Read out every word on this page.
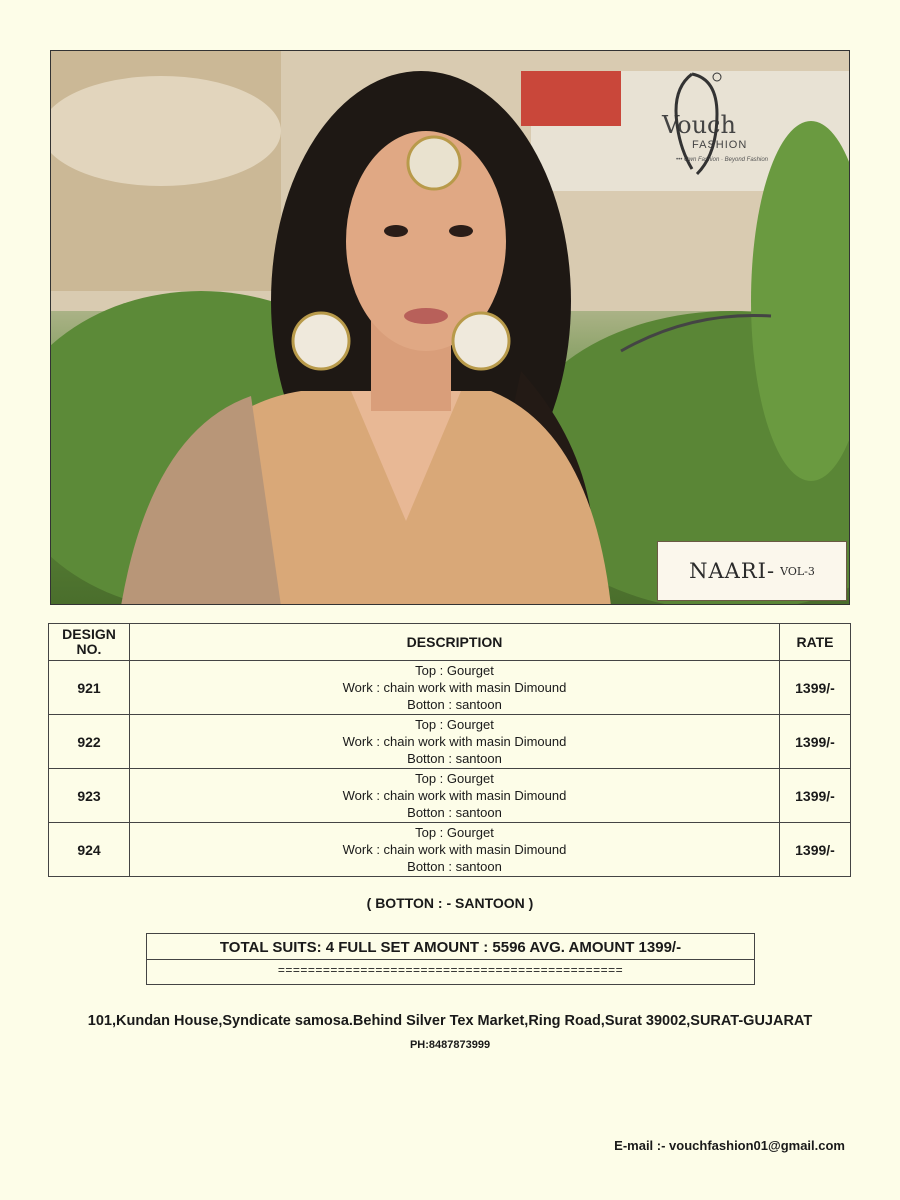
Vouch
FASHION
••• Own Fashion · Beyond Fashion
NAARI- VOL-3
DESIGN NO.	DESCRIPTION	RATE
921	Top : Gourget
Work : chain work with masin Dimound
Botton : santoon	1399/-
922	Top : Gourget
Work : chain work with masin Dimound
Botton : santoon	1399/-
923	Top : Gourget
Work : chain work with masin Dimound
Botton : santoon	1399/-
924	Top : Gourget
Work : chain work with masin Dimound
Botton : santoon	1399/-
( BOTTON : - SANTOON )
TOTAL SUITS: 4 FULL SET AMOUNT : 5596 AVG. AMOUNT 1399/-
==============================================
101,Kundan House,Syndicate samosa.Behind Silver Tex Market,Ring Road,Surat 39002,SURAT-GUJARAT
PH:8487873999
E-mail :- vouchfashion01@gmail.com
